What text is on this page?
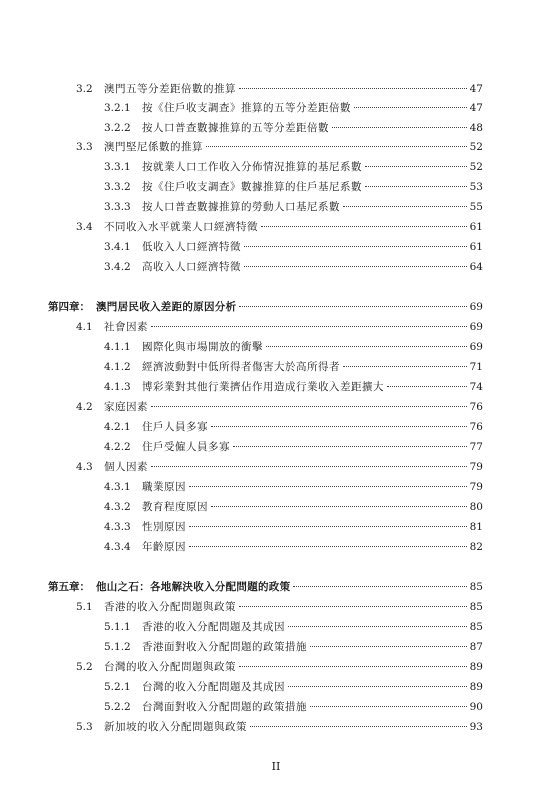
3.2	澳門五等分差距倍數的推算	47
3.2.1	按《住戶收支調查》推算的五等分差距倍數	47
3.2.2	按人口普查數據推算的五等分差距倍數	48
3.3	澳門堅尼係數的推算	52
3.3.1	按就業人口工作收入分佈情況推算的基尼系數	52
3.3.2	按《住戶收支調查》數據推算的住戶基尼系數	53
3.3.3	按人口普查數據推算的勞動人口基尼系數	55
3.4	不同收入水平就業人口經濟特徵	61
3.4.1	低收入人口經濟特徵	61
3.4.2	高收入人口經濟特徵	64
第四章： 澳門居民收入差距的原因分析	69
4.1	社會因素	69
4.1.1	國際化與市場開放的衝擊	69
4.1.2	經濟波動對中低所得者傷害大於高所得者	71
4.1.3	博彩業對其他行業擠佔作用造成行業收入差距擴大	74
4.2	家庭因素	76
4.2.1	住戶人員多寡	76
4.2.2	住戶受僱人員多寡	77
4.3	個人因素	79
4.3.1	職業原因	79
4.3.2	教育程度原因	80
4.3.3	性別原因	81
4.3.4	年齡原因	82
第五章： 他山之石：各地解決收入分配問題的政策	85
5.1	香港的收入分配問題與政策	85
5.1.1	香港的收入分配問題及其成因	85
5.1.2	香港面對收入分配問題的政策措施	87
5.2	台灣的收入分配問題與政策	89
5.2.1	台灣的收入分配問題及其成因	89
5.2.2	台灣面對收入分配問題的政策措施	90
5.3	新加坡的收入分配問題與政策	93
II
